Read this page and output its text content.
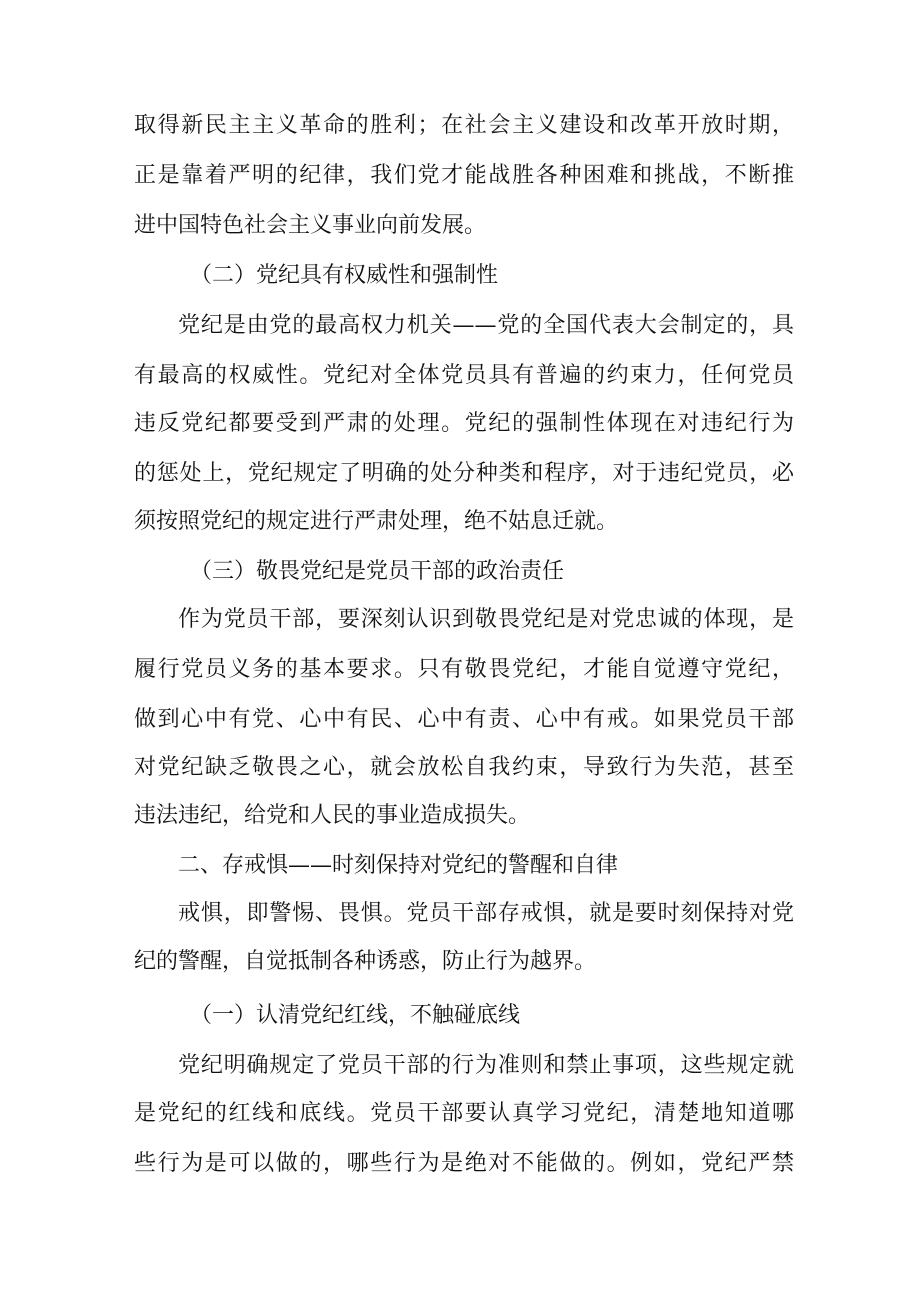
取得新民主主义革命的胜利；在社会主义建设和改革开放时期，
正是靠着严明的纪律，我们党才能战胜各种困难和挑战，不断推
进中国特色社会主义事业向前发展。
（二）党纪具有权威性和强制性
党纪是由党的最高权力机关——党的全国代表大会制定的，具
有最高的权威性。党纪对全体党员具有普遍的约束力，任何党员
违反党纪都要受到严肃的处理。党纪的强制性体现在对违纪行为
的惩处上，党纪规定了明确的处分种类和程序，对于违纪党员，必
须按照党纪的规定进行严肃处理，绝不姑息迁就。
（三）敬畏党纪是党员干部的政治责任
作为党员干部，要深刻认识到敬畏党纪是对党忠诚的体现，是
履行党员义务的基本要求。只有敬畏党纪，才能自觉遵守党纪，
做到心中有党、心中有民、心中有责、心中有戒。如果党员干部
对党纪缺乏敬畏之心，就会放松自我约束，导致行为失范，甚至
违法违纪，给党和人民的事业造成损失。
二、存戒惧——时刻保持对党纪的警醒和自律
戒惧，即警惕、畏惧。党员干部存戒惧，就是要时刻保持对党
纪的警醒，自觉抵制各种诱惑，防止行为越界。
（一）认清党纪红线，不触碰底线
党纪明确规定了党员干部的行为准则和禁止事项，这些规定就
是党纪的红线和底线。党员干部要认真学习党纪，清楚地知道哪
些行为是可以做的，哪些行为是绝对不能做的。例如，党纪严禁
